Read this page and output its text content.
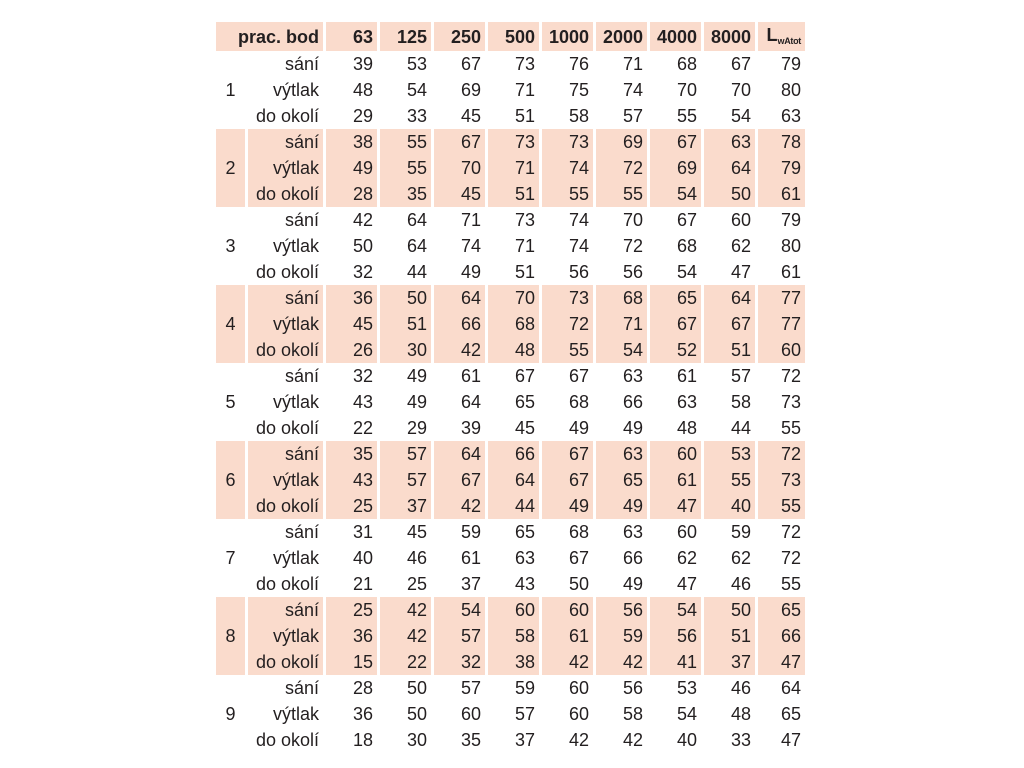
prac. bod		63	125	250	500	1000	2000	4000	8000	LwAtot
1	sání	39	53	67	73	76	71	68	67	79
	výtlak	48	54	69	71	75	74	70	70	80
	do okolí	29	33	45	51	58	57	55	54	63
2	sání	38	55	67	73	73	69	67	63	78
	výtlak	49	55	70	71	74	72	69	64	79
	do okolí	28	35	45	51	55	55	54	50	61
3	sání	42	64	71	73	74	70	67	60	79
	výtlak	50	64	74	71	74	72	68	62	80
	do okolí	32	44	49	51	56	56	54	47	61
4	sání	36	50	64	70	73	68	65	64	77
	výtlak	45	51	66	68	72	71	67	67	77
	do okolí	26	30	42	48	55	54	52	51	60
5	sání	32	49	61	67	67	63	61	57	72
	výtlak	43	49	64	65	68	66	63	58	73
	do okolí	22	29	39	45	49	49	48	44	55
6	sání	35	57	64	66	67	63	60	53	72
	výtlak	43	57	67	64	67	65	61	55	73
	do okolí	25	37	42	44	49	49	47	40	55
7	sání	31	45	59	65	68	63	60	59	72
	výtlak	40	46	61	63	67	66	62	62	72
	do okolí	21	25	37	43	50	49	47	46	55
8	sání	25	42	54	60	60	56	54	50	65
	výtlak	36	42	57	58	61	59	56	51	66
	do okolí	15	22	32	38	42	42	41	37	47
9	sání	28	50	57	59	60	56	53	46	64
	výtlak	36	50	60	57	60	58	54	48	65
	do okolí	18	30	35	37	42	42	40	33	47
